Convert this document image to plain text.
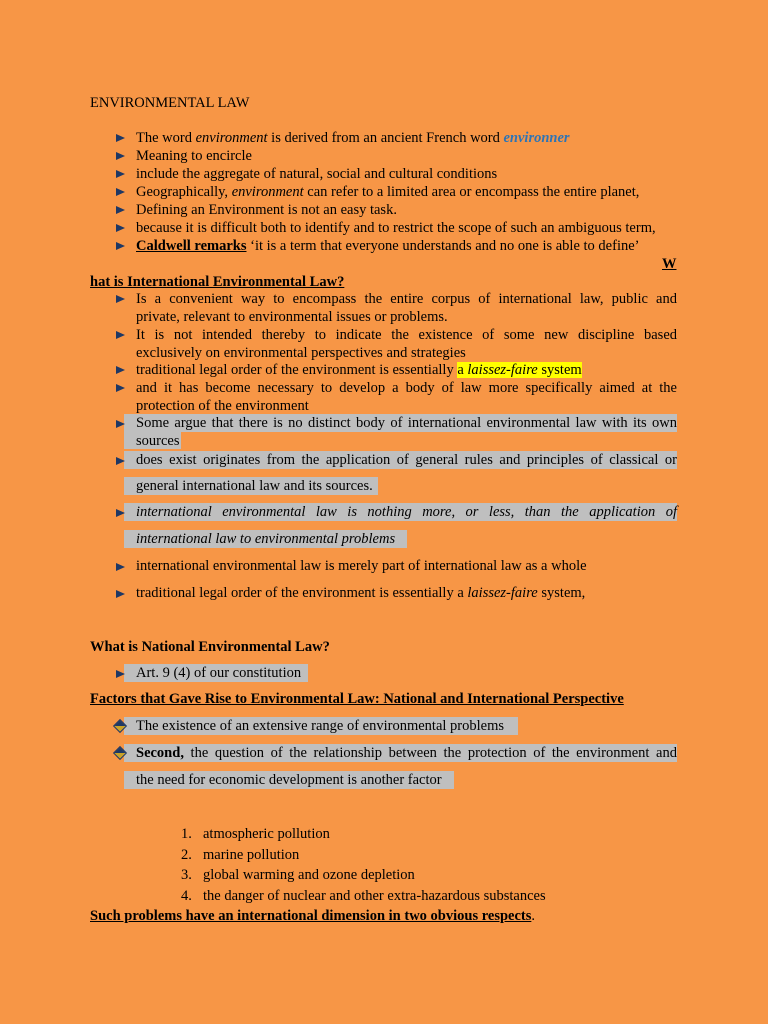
ENVIRONMENTAL LAW
The word environment is derived from an ancient French word environner
Meaning to encircle
include the aggregate of natural, social and cultural conditions
Geographically, environment can refer to a limited area or encompass the entire planet,
Defining an Environment is not an easy task.
because it is difficult both to identify and to restrict the scope of such an ambiguous term,
Caldwell remarks ‘it is a term that everyone understands and no one is able to define’
W
hat is International Environmental Law?
Is a convenient way to encompass the entire corpus of international law, public and
private, relevant to environmental issues or problems.
It is not intended thereby to indicate the existence of some new discipline based
exclusively on environmental perspectives and strategies
traditional legal order of the environment is essentially a laissez-faire system
and it has become necessary to develop a body of law more specifically aimed at the
protection of the environment
Some argue that there is no distinct body of international environmental law with its own
sources
does exist originates from the application of general rules and principles of classical or
general international law and its sources.
international environmental law is nothing more, or less, than the application of
international law to environmental problems
international environmental law is merely part of international law as a whole
traditional legal order of the environment is essentially a laissez-faire system,
What is National Environmental Law?
Art. 9 (4) of our constitution
Factors that Gave Rise to Environmental Law: National and International Perspective
The existence of an extensive range of environmental problems
Second, the question of the relationship between the protection of the environment and
the need for economic development is another factor
1. atmospheric pollution
2. marine pollution
3. global warming and ozone depletion
4. the danger of nuclear and other extra-hazardous substances
Such problems have an international dimension in two obvious respects.
